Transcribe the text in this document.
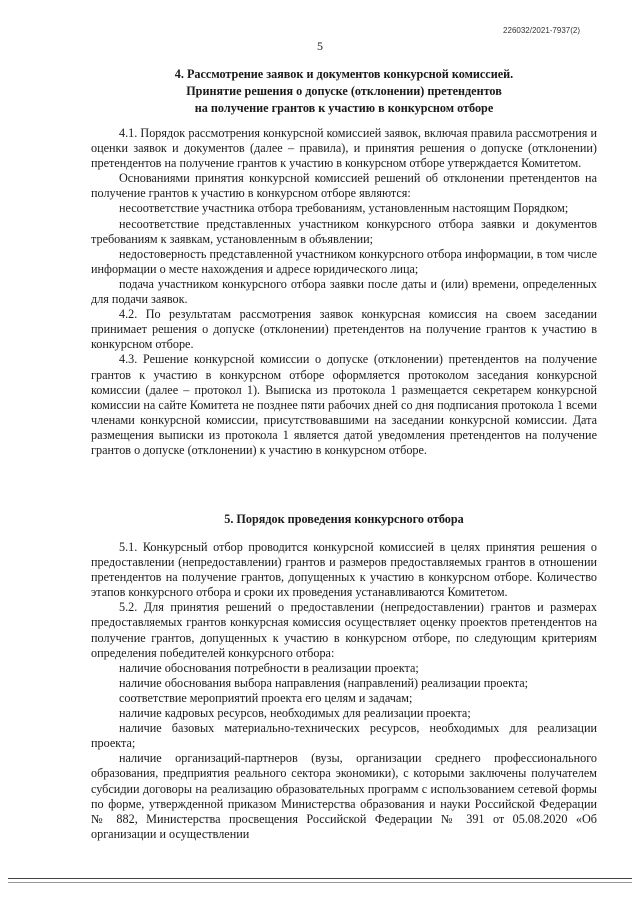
226032/2021-7937(2)
5
4. Рассмотрение заявок и документов конкурсной комиссией.
Принятие решения о допуске (отклонении) претендентов
на получение грантов к участию в конкурсном отборе

4.1. Порядок рассмотрения конкурсной комиссией заявок, включая правила рассмотрения и оценки заявок и документов (далее – правила), и принятия решения о допуске (отклонении) претендентов на получение грантов к участию в конкурсном отборе утверждается Комитетом.

Основаниями принятия конкурсной комиссией решений об отклонении претендентов на получение грантов к участию в конкурсном отборе являются:

несоответствие участника отбора требованиям, установленным настоящим Порядком;

несоответствие представленных участником конкурсного отбора заявки и документов требованиям к заявкам, установленным в объявлении;

недостоверность представленной участником конкурсного отбора информации, в том числе информации о месте нахождения и адресе юридического лица;

подача участником конкурсного отбора заявки после даты и (или) времени, определенных для подачи заявок.

4.2. По результатам рассмотрения заявок конкурсная комиссия на своем заседании принимает решения о допуске (отклонении) претендентов на получение грантов к участию в конкурсном отборе.

4.3. Решение конкурсной комиссии о допуске (отклонении) претендентов на получение грантов к участию в конкурсном отборе оформляется протоколом заседания конкурсной комиссии (далее – протокол 1). Выписка из протокола 1 размещается секретарем конкурсной комиссии на сайте Комитета не позднее пяти рабочих дней со дня подписания протокола 1 всеми членами конкурсной комиссии, присутствовавшими на заседании конкурсной комиссии. Дата размещения выписки из протокола 1 является датой уведомления претендентов на получение грантов о допуске (отклонении) к участию в конкурсном отборе.

5. Порядок проведения конкурсного отбора

5.1. Конкурсный отбор проводится конкурсной комиссией в целях принятия решения о предоставлении (непредоставлении) грантов и размеров предоставляемых грантов в отношении претендентов на получение грантов, допущенных к участию в конкурсном отборе. Количество этапов конкурсного отбора и сроки их проведения устанавливаются Комитетом.

5.2. Для принятия решений о предоставлении (непредоставлении) грантов и размерах предоставляемых грантов конкурсная комиссия осуществляет оценку проектов претендентов на получение грантов, допущенных к участию в конкурсном отборе, по следующим критериям определения победителей конкурсного отбора:

наличие обоснования потребности в реализации проекта;

наличие обоснования выбора направления (направлений) реализации проекта;

соответствие мероприятий проекта его целям и задачам;

наличие кадровых ресурсов, необходимых для реализации проекта;

наличие базовых материально-технических ресурсов, необходимых для реализации проекта;

наличие организаций-партнеров (вузы, организации среднего профессионального образования, предприятия реального сектора экономики), с которыми заключены получателем субсидии договоры на реализацию образовательных программ с использованием сетевой формы по форме, утвержденной приказом Министерства образования и науки Российской Федерации № 882, Министерства просвещения Российской Федерации № 391 от 05.08.2020 «Об организации и осуществлении
